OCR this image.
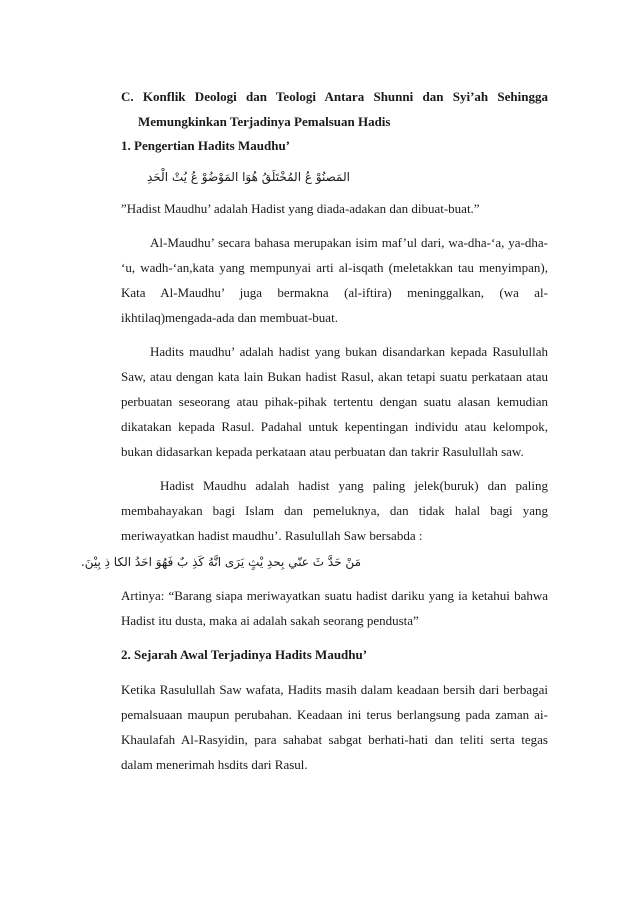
C. Konflik Deologi dan Teologi Antara Shunni dan Syi’ah Sehingga
Memungkinkan Terjadinya Pemalsuan Hadis
1. Pengertian Hadits Maudhu’
المَصنُوْ عُ المُخْتَلَقُ هُوَا المَوْضُوْ عُ يُتْ الْحَدِ
”Hadist Maudhu’ adalah Hadist yang diada-adakan dan dibuat-buat.”
Al-Maudhu’ secara bahasa merupakan isim maf’ul dari, wa-dha-‘a, ya-dha-
‘u, wadh-‘an,kata yang mempunyai arti al-isqath (meletakkan tau menyimpan),
Kata Al-Maudhu’ juga bermakna (al-iftira) meninggalkan, (wa al-
ikhtilaq)mengada-ada dan membuat-buat.
Hadits maudhu’ adalah hadist yang bukan disandarkan kepada Rasulullah
Saw, atau dengan kata lain Bukan hadist Rasul, akan tetapi suatu perkataan atau
perbuatan seseorang atau pihak-pihak tertentu dengan suatu alasan kemudian
dikatakan kepada Rasul. Padahal untuk kepentingan individu atau kelompok,
bukan didasarkan kepada perkataan atau perbuatan dan takrir Rasulullah saw.
Hadist Maudhu adalah hadist yang paling jelek(buruk) dan paling
membahayakan bagi Islam dan pemeluknya, dan tidak halal bagi yang
meriwayatkan hadist maudhu’. Rasulullah Saw bersabda :
مَنْ حَدَّ ثَ عنّي بِحدِ يْثٍ يَرَى انَّهُ كَذِ بٌ فَهُوَ احَدُ الكا ذِ بِيْنَ.
Artinya: “Barang siapa meriwayatkan suatu hadist dariku yang ia ketahui bahwa
Hadist itu dusta, maka ai adalah sakah seorang pendusta”
2. Sejarah Awal Terjadinya Hadits Maudhu’
Ketika Rasulullah Saw wafata, Hadits masih dalam keadaan bersih dari berbagai
pemalsuaan maupun perubahan. Keadaan ini terus berlangsung pada zaman ai-
Khaulafah Al-Rasyidin, para sahabat sabgat berhati-hati dan teliti serta tegas
dalam menerimah hsdits dari Rasul.
